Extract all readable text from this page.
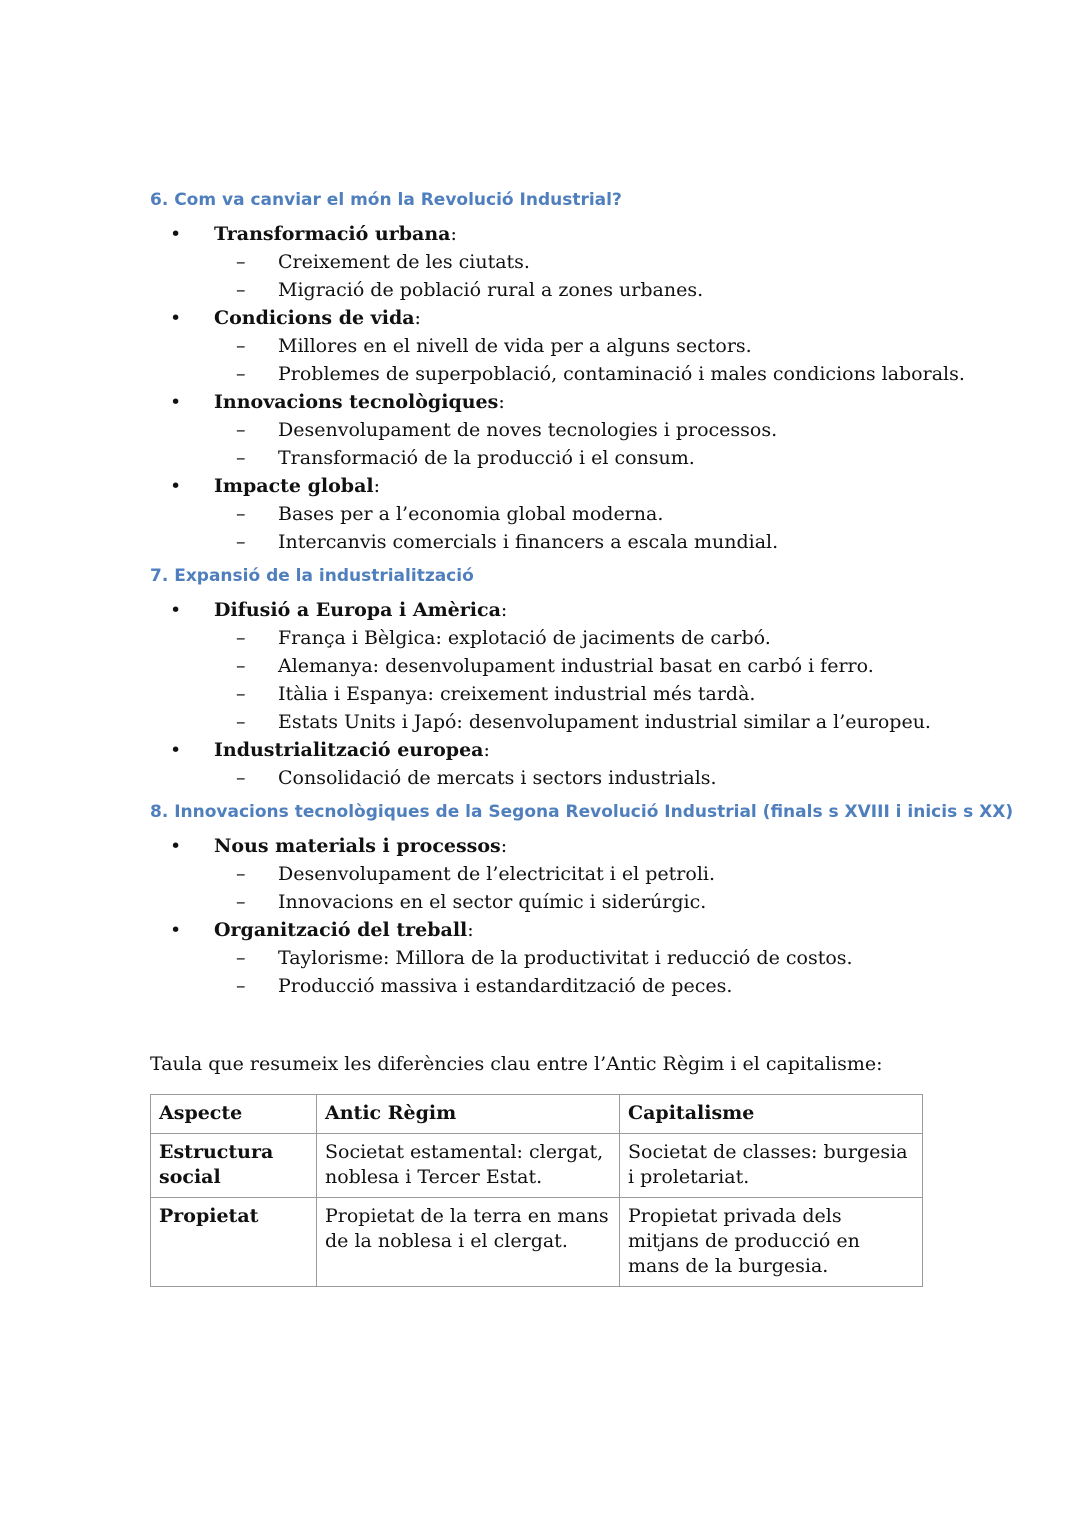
6. Com va canviar el món la Revolució Industrial?
• Transformació urbana:
– Creixement de les ciutats.
– Migració de població rural a zones urbanes.
• Condicions de vida:
– Millores en el nivell de vida per a alguns sectors.
– Problemes de superpoblació, contaminació i males condicions laborals.
• Innovacions tecnològiques:
– Desenvolupament de noves tecnologies i processos.
– Transformació de la producció i el consum.
• Impacte global:
– Bases per a l’economia global moderna.
– Intercanvis comercials i financers a escala mundial.
7. Expansió de la industrialització
• Difusió a Europa i Amèrica:
– França i Bèlgica: explotació de jaciments de carbó.
– Alemanya: desenvolupament industrial basat en carbó i ferro.
– Itàlia i Espanya: creixement industrial més tardà.
– Estats Units i Japó: desenvolupament industrial similar a l’europeu.
• Industrialització europea:
– Consolidació de mercats i sectors industrials.
8. Innovacions tecnològiques de la Segona Revolució Industrial (finals s XVIII i inicis s XX)
• Nous materials i processos:
– Desenvolupament de l’electricitat i el petroli.
– Innovacions en el sector químic i siderúrgic.
• Organització del treball:
– Taylorisme: Millora de la productivitat i reducció de costos.
– Producció massiva i estandardització de peces.
Taula que resumeix les diferències clau entre l’Antic Règim i el capitalisme:
Aspecte	Antic Règim	Capitalisme
Estructura social	Societat estamental: clergat, noblesa i Tercer Estat.	Societat de classes: burgesia i proletariat.
Propietat	Propietat de la terra en mans de la noblesa i el clergat.	Propietat privada dels mitjans de producció en mans de la burgesia.
